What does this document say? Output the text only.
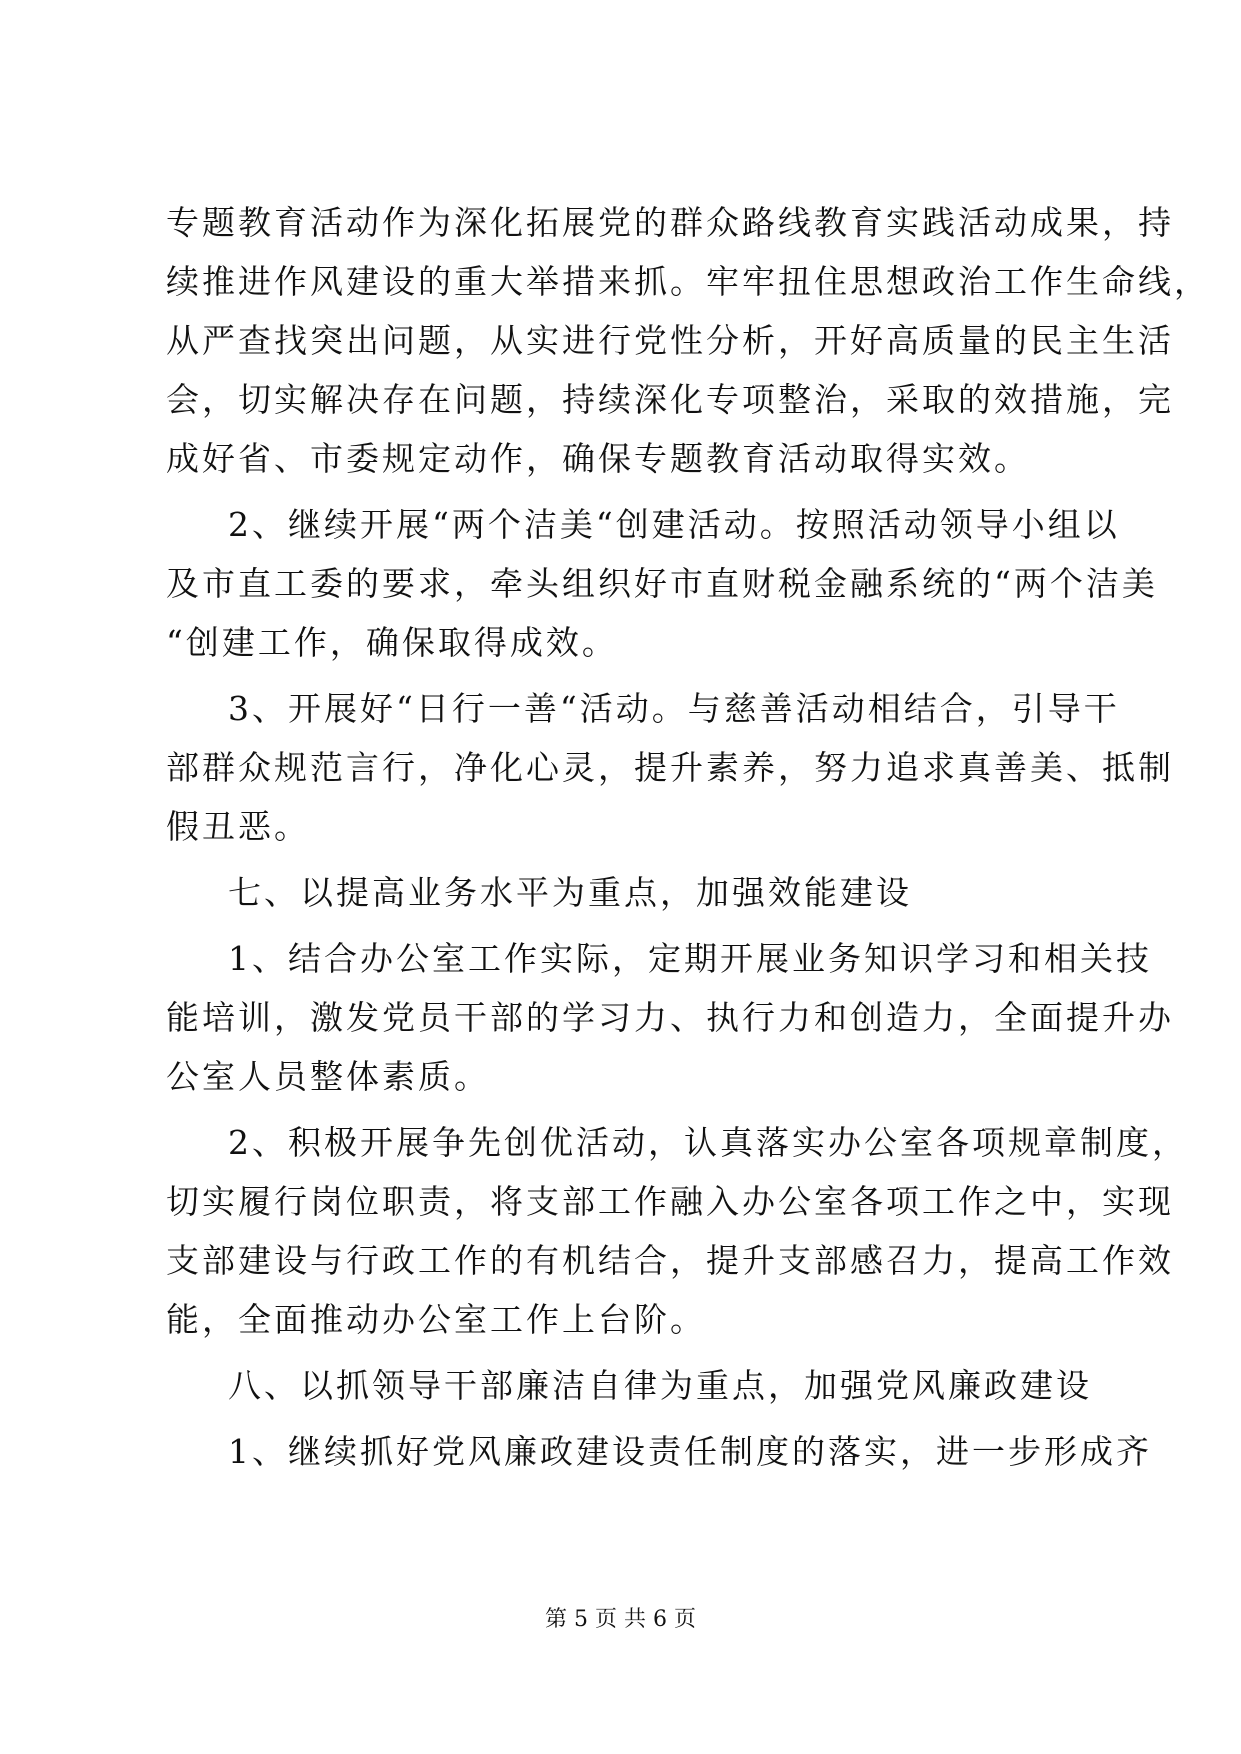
专题教育活动作为深化拓展党的群众路线教育实践活动成果，持
续推进作风建设的重大举措来抓。牢牢扭住思想政治工作生命线，
从严查找突出问题，从实进行党性分析，开好高质量的民主生活
会，切实解决存在问题，持续深化专项整治，采取的效措施，完
成好省、市委规定动作，确保专题教育活动取得实效。
2、继续开展“两个洁美“创建活动。按照活动领导小组以
及市直工委的要求，牵头组织好市直财税金融系统的“两个洁美
“创建工作，确保取得成效。
3、开展好“日行一善“活动。与慈善活动相结合，引导干
部群众规范言行，净化心灵，提升素养，努力追求真善美、抵制
假丑恶。
七、以提高业务水平为重点，加强效能建设
1、结合办公室工作实际，定期开展业务知识学习和相关技
能培训，激发党员干部的学习力、执行力和创造力，全面提升办
公室人员整体素质。
2、积极开展争先创优活动，认真落实办公室各项规章制度，
切实履行岗位职责，将支部工作融入办公室各项工作之中，实现
支部建设与行政工作的有机结合，提升支部感召力，提高工作效
能，全面推动办公室工作上台阶。
八、以抓领导干部廉洁自律为重点，加强党风廉政建设
1、继续抓好党风廉政建设责任制度的落实，进一步形成齐
第 5 页 共 6 页
